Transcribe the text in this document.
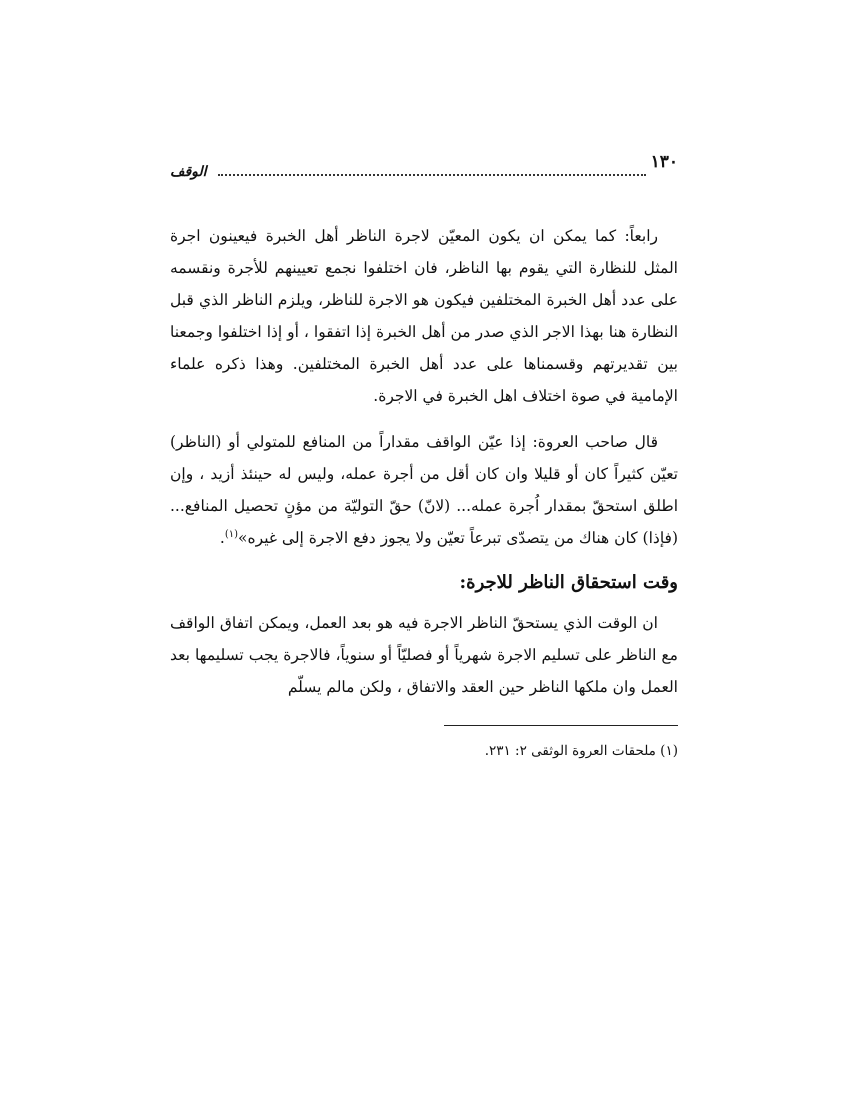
١٣٠
الوقف

رابعاً: كما يمكن ان يكون المعيّن لاجرة الناظر أهل الخبرة فيعينون اجرة المثل للنظارة التي يقوم بها الناظر، فان اختلفوا نجمع تعيينهم للأجرة ونقسمه على عدد أهل الخبرة المختلفين فيكون هو الاجرة للناظر، ويلزم الناظر الذي قبل النظارة هنا بهذا الاجر الذي صدر من أهل الخبرة إذا اتفقوا ، أو إذا اختلفوا وجمعنا بين تقديرتهم وقسمناها على عدد أهل الخبرة المختلفين. وهذا ذكره علماء الإمامية في صوة اختلاف اهل الخبرة في الاجرة.

قال صاحب العروة: إذا عيّن الواقف مقداراً من المنافع للمتولي أو (الناظر) تعيّن كثيراً كان أو قليلا وان كان أقل من أجرة عمله، وليس له حينئذ أزيد ، وإن اطلق استحقّ بمقدار اُجرة عمله... (لانّ) حقّ التوليّة من مؤنٍ تحصيل المنافع... (فإذا) كان هناك من يتصدّى تبرعاً تعيّن ولا يجوز دفع الاجرة إلى غيره»$^{(١)}$.

وقت استحقاق الناظر للاجرة:

ان الوقت الذي يستحقّ الناظر الاجرة فيه هو بعد العمل، ويمكن اتفاق الواقف مع الناظر على تسليم الاجرة شهرياً أو فصليّاً أو سنوياً، فالاجرة يجب تسليمها بعد العمل وان ملكها الناظر حين العقد والاتفاق ، ولكن مالم يسلّم

(١) ملحقات العروة الوثقى ٢: ٢٣١.
